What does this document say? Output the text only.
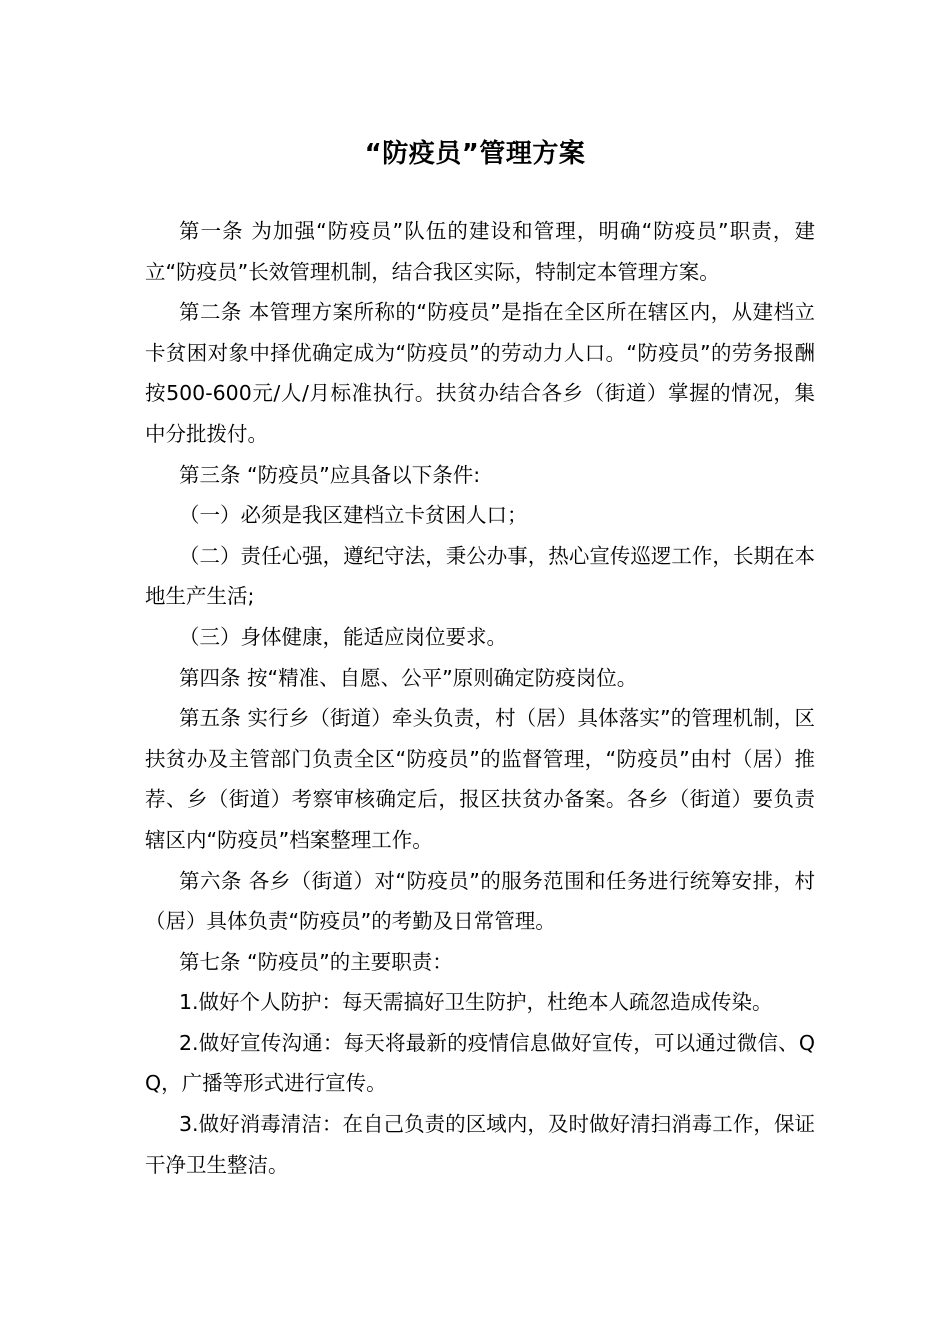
“防疫员”管理方案

第一条 为加强“防疫员”队伍的建设和管理，明确“防疫员”职责，建立“防疫员”长效管理机制，结合我区实际，特制定本管理方案。

第二条 本管理方案所称的“防疫员”是指在全区所在辖区内，从建档立卡贫困对象中择优确定成为“防疫员”的劳动力人口。“防疫员”的劳务报酬按500-600元/人/月标准执行。扶贫办结合各乡（街道）掌握的情况，集中分批拨付。

第三条 “防疫员”应具备以下条件:

（一）必须是我区建档立卡贫困人口；

（二）责任心强，遵纪守法，秉公办事，热心宣传巡逻工作，长期在本地生产生活;

（三）身体健康，能适应岗位要求。

第四条 按“精准、自愿、公平”原则确定防疫岗位。

第五条 实行乡（街道）牵头负责，村（居）具体落实”的管理机制，区扶贫办及主管部门负责全区“防疫员”的监督管理，“防疫员”由村（居）推荐、乡（街道）考察审核确定后，报区扶贫办备案。各乡（街道）要负责辖区内“防疫员”档案整理工作。

第六条 各乡（街道）对“防疫员”的服务范围和任务进行统筹安排，村（居）具体负责“防疫员”的考勤及日常管理。

第七条 “防疫员”的主要职责：

1.做好个人防护：每天需搞好卫生防护，杜绝本人疏忽造成传染。

2.做好宣传沟通：每天将最新的疫情信息做好宣传，可以通过微信、QQ，广播等形式进行宣传。

3.做好消毒清洁：在自己负责的区域内，及时做好清扫消毒工作，保证干净卫生整洁。
